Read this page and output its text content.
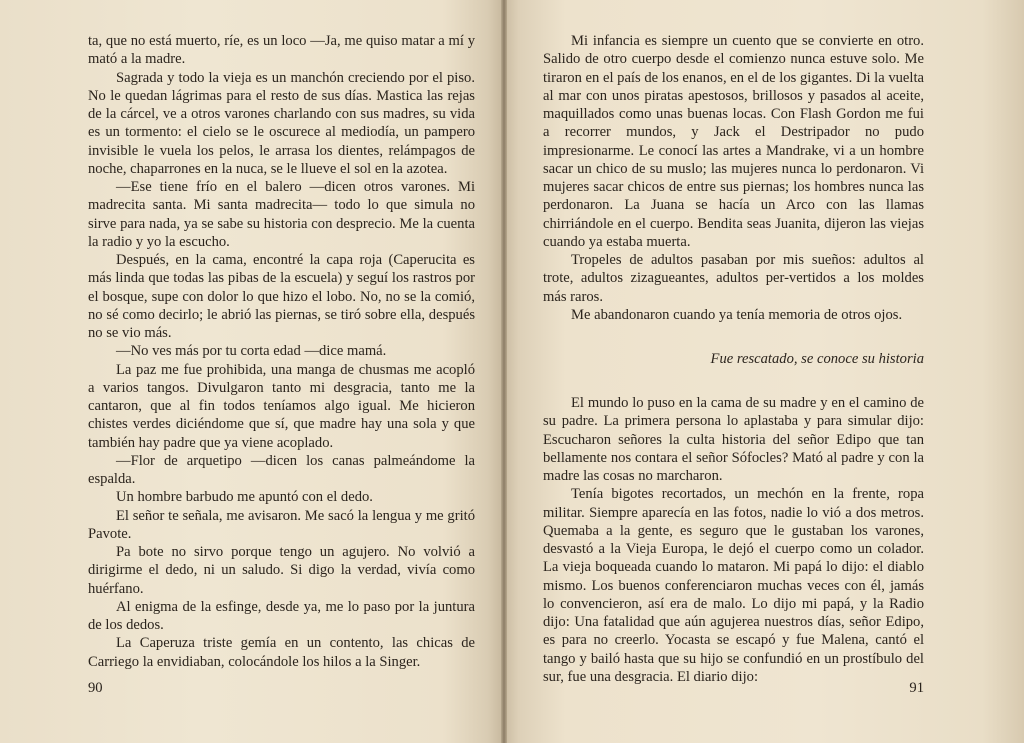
ta, que no está muerto, ríe, es un loco —Ja, me quiso matar a mí y mató a la madre.

Sagrada y todo la vieja es un manchón creciendo por el piso. No le quedan lágrimas para el resto de sus días. Mastica las rejas de la cárcel, ve a otros varones charlando con sus madres, su vida es un tormento: el cielo se le oscurece al mediodía, un pampero invisible le vuela los pelos, le arrasa los dientes, relámpagos de noche, chaparrones en la nuca, se le llueve el sol en la azotea.

—Ese tiene frío en el balero —dicen otros varones. Mi madrecita santa. Mi santa madrecita— todo lo que simula no sirve para nada, ya se sabe su historia con desprecio. Me la cuenta la radio y yo la escucho.

Después, en la cama, encontré la capa roja (Caperucita es más linda que todas las pibas de la escuela) y seguí los rastros por el bosque, supe con dolor lo que hizo el lobo. No, no se la comió, no sé como decirlo; le abrió las piernas, se tiró sobre ella, después no se vio más.

—No ves más por tu corta edad —dice mamá.

La paz me fue prohibida, una manga de chusmas me acopló a varios tangos. Divulgaron tanto mi desgracia, tanto me la cantaron, que al fin todos teníamos algo igual. Me hicieron chistes verdes diciéndome que sí, que madre hay una sola y que también hay padre que ya viene acoplado.

—Flor de arquetipo —dicen los canas palmeándome la espalda.

Un hombre barbudo me apuntó con el dedo.

El señor te señala, me avisaron. Me sacó la lengua y me gritó Pavote.

Pa bote no sirvo porque tengo un agujero. No volvió a dirigirme el dedo, ni un saludo. Si digo la verdad, vivía como huérfano.

Al enigma de la esfinge, desde ya, me lo paso por la juntura de los dedos.

La Caperuza triste gemía en un contento, las chicas de Carriego la envidiaban, colocándole los hilos a la Singer.

90

Mi infancia es siempre un cuento que se convierte en otro. Salido de otro cuerpo desde el comienzo nunca estuve solo. Me tiraron en el país de los enanos, en el de los gigantes. Di la vuelta al mar con unos piratas apestosos, brillosos y pasados al aceite, maquillados como unas buenas locas. Con Flash Gordon me fui a recorrer mundos, y Jack el Destripador no pudo impresionarme. Le conocí las artes a Mandrake, vi a un hombre sacar un chico de su muslo; las mujeres nunca lo perdonaron. Vi mujeres sacar chicos de entre sus piernas; los hombres nunca las perdonaron. La Juana se hacía un Arco con las llamas chirriándole en el cuerpo. Bendita seas Juanita, dijeron las viejas cuando ya estaba muerta.

Tropeles de adultos pasaban por mis sueños: adultos al trote, adultos zizagueantes, adultos per-vertidos a los moldes más raros.

Me abandonaron cuando ya tenía memoria de otros ojos.

Fue rescatado, se conoce su historia

El mundo lo puso en la cama de su madre y en el camino de su padre. La primera persona lo aplastaba y para simular dijo: Escucharon señores la culta historia del señor Edipo que tan bellamente nos contara el señor Sófocles? Mató al padre y con la madre las cosas no marcharon.

Tenía bigotes recortados, un mechón en la frente, ropa militar. Siempre aparecía en las fotos, nadie lo vió a dos metros. Quemaba a la gente, es seguro que le gustaban los varones, desvastó a la Vieja Europa, le dejó el cuerpo como un colador. La vieja boqueada cuando lo mataron. Mi papá lo dijo: el diablo mismo. Los buenos conferenciaron muchas veces con él, jamás lo convencieron, así era de malo. Lo dijo mi papá, y la Radio dijo: Una fatalidad que aún agujerea nuestros días, señor Edipo, es para no creerlo. Yocasta se escapó y fue Malena, cantó el tango y bailó hasta que su hijo se confundió en un prostíbulo del sur, fue una desgracia. El diario dijo:

91
